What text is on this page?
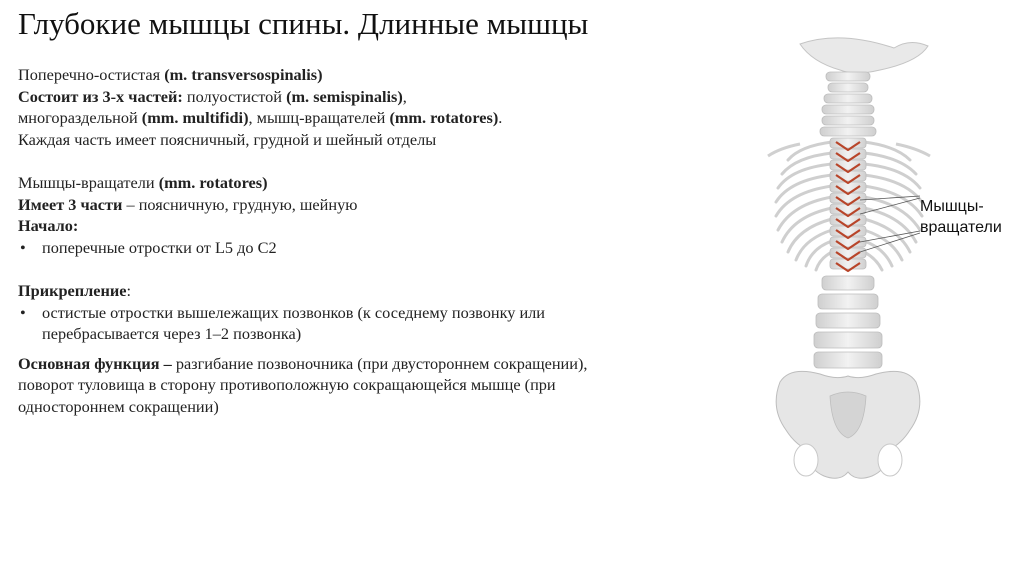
Глубокие мышцы спины. Длинные мышцы

Поперечно-остистая (m. transversospinalis)

Состоит из 3-х частей: полуостистой (m. semispinalis),

многораздельной (mm. multifidi), мышц-вращателей (mm. rotatores).

Каждая часть имеет поясничный, грудной и шейный отделы

Мышцы-вращатели (mm. rotatores)

Имеет 3 части – поясничную, грудную, шейную

Начало:

• поперечные отростки от L5 до C2

Прикрепление:

• остистые отростки вышележащих позвонков (к соседнему позвонку или
перебрасывается через 1–2 позвонка)

Основная функция – разгибание позвоночника (при двустороннем сокращении),

поворот туловища в сторону противоположную сокращающейся мышце (при

одностороннем сокращении)

Мышцы-
вращатели
